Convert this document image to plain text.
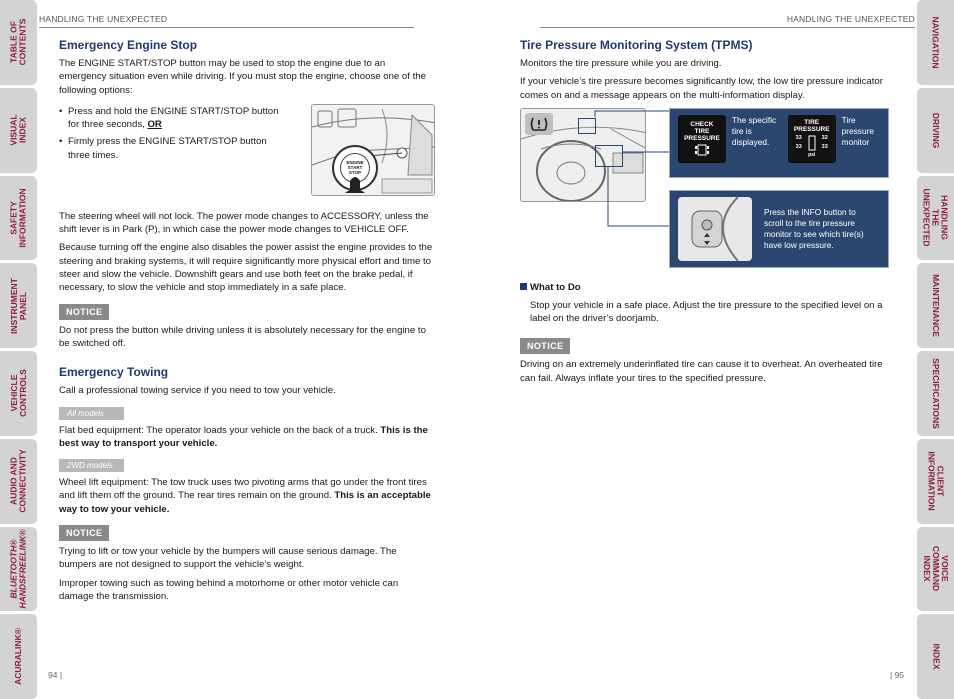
TABLE OF
CONTENTS
VISUAL INDEX
SAFETY
INFORMATION
INSTRUMENT
PANEL
VEHICLE
CONTROLS
AUDIO AND
CONNECTIVITY
BLUETOOTH®
HANDSFREELINK®
ACURALINK®
NAVIGATION
DRIVING
HANDLING THE
UNEXPECTED
MAINTENANCE
SPECIFICATIONS
CLIENT
INFORMATION
VOICE COMMAND
INDEX
INDEX
HANDLING THE UNEXPECTED	HANDLING THE UNEXPECTED
Emergency Engine Stop

The ENGINE START/STOP button may be used to stop the engine due to an emergency situation even while driving. If you must stop the engine, choose one of the following options:

• Press and hold the ENGINE START/STOP button for three seconds, OR
• Firmly press the ENGINE START/STOP button three times.
ENGINE
START
STOP

The steering wheel will not lock. The power mode changes to ACCESSORY, unless the shift lever is in Park (P), in which case the power mode changes to VEHICLE OFF.

Because turning off the engine also disables the power assist the engine provides to the steering and braking systems, it will require significantly more physical effort and time to steer and slow the vehicle. Downshift gears and use both feet on the brake pedal, if necessary, to slow the vehicle and stop immediately in a safe place.

NOTICE

Do not press the button while driving unless it is absolutely necessary for the engine to be switched off.

Emergency Towing

Call a professional towing service if you need to tow your vehicle.

All models

Flat bed equipment: The operator loads your vehicle on the back of a truck. This is the best way to transport your vehicle.

2WD models

Wheel lift equipment: The tow truck uses two pivoting arms that go under the front tires and lift them off the ground. The rear tires remain on the ground. This is an acceptable way to tow your vehicle.

NOTICE

Trying to lift or tow your vehicle by the bumpers will cause serious damage. The bumpers are not designed to support the vehicle’s weight.

Improper towing such as towing behind a motorhome or other motor vehicle can damage the transmission.

94 |
Tire Pressure Monitoring System (TPMS)

Monitors the tire pressure while you are driving.

If your vehicle’s tire pressure becomes significantly low, the low tire pressure indicator comes on and a message appears on the multi-information display.

CHECK
TIRE
PRESSURE
The specific tire is displayed.
TIRE
PRESSURE
33	32
33	33
psi
Tire pressure monitor
Press the INFO button to scroll to the tire pressure monitor to see which tire(s) have low pressure.
What to Do

Stop your vehicle in a safe place. Adjust the tire pressure to the specified level on a label on the driver’s doorjamb.

NOTICE

Driving on an extremely underinflated tire can cause it to overheat. An overheated tire can fail. Always inflate your tires to the specified pressure.

| 95
